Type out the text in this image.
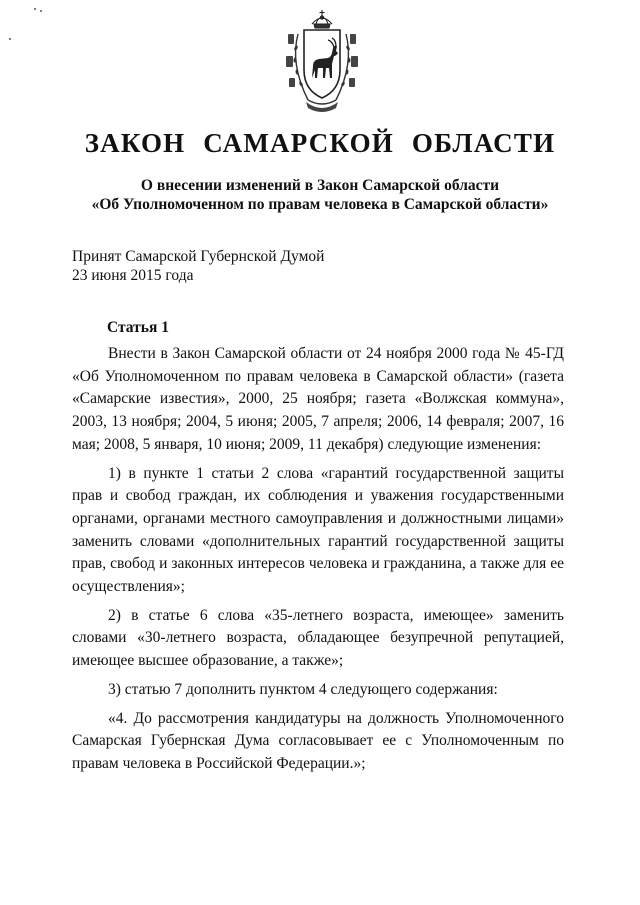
ЗАКОН САМАРСКОЙ ОБЛАСТИ
О внесении изменений в Закон Самарской области
«Об Уполномоченном по правам человека в Самарской области»
Принят Самарской Губернской Думой
23 июня 2015 года
Статья 1

Внести в Закон Самарской области от 24 ноября 2000 года № 45-ГД «Об Уполномоченном по правам человека в Самарской области» (газета «Самарские известия», 2000, 25 ноября; газета «Волжская коммуна», 2003, 13 ноября; 2004, 5 июня; 2005, 7 апреля; 2006, 14 февраля; 2007, 16 мая; 2008, 5 января, 10 июня; 2009, 11 декабря) следующие изменения:

1) в пункте 1 статьи 2 слова «гарантий государственной защиты прав и свобод граждан, их соблюдения и уважения государственными органами, органами местного самоуправления и должностными лицами» заменить словами «дополнительных гарантий государственной защиты прав, свобод и законных интересов человека и гражданина, а также для ее осуществления»;

2) в статье 6 слова «35-летнего возраста, имеющее» заменить словами «30-летнего возраста, обладающее безупречной репутацией, имеющее высшее образование, а также»;

3) статью 7 дополнить пунктом 4 следующего содержания:

«4. До рассмотрения кандидатуры на должность Уполномоченного Самарская Губернская Дума согласовывает ее с Уполномоченным по правам человека в Российской Федерации.»;
